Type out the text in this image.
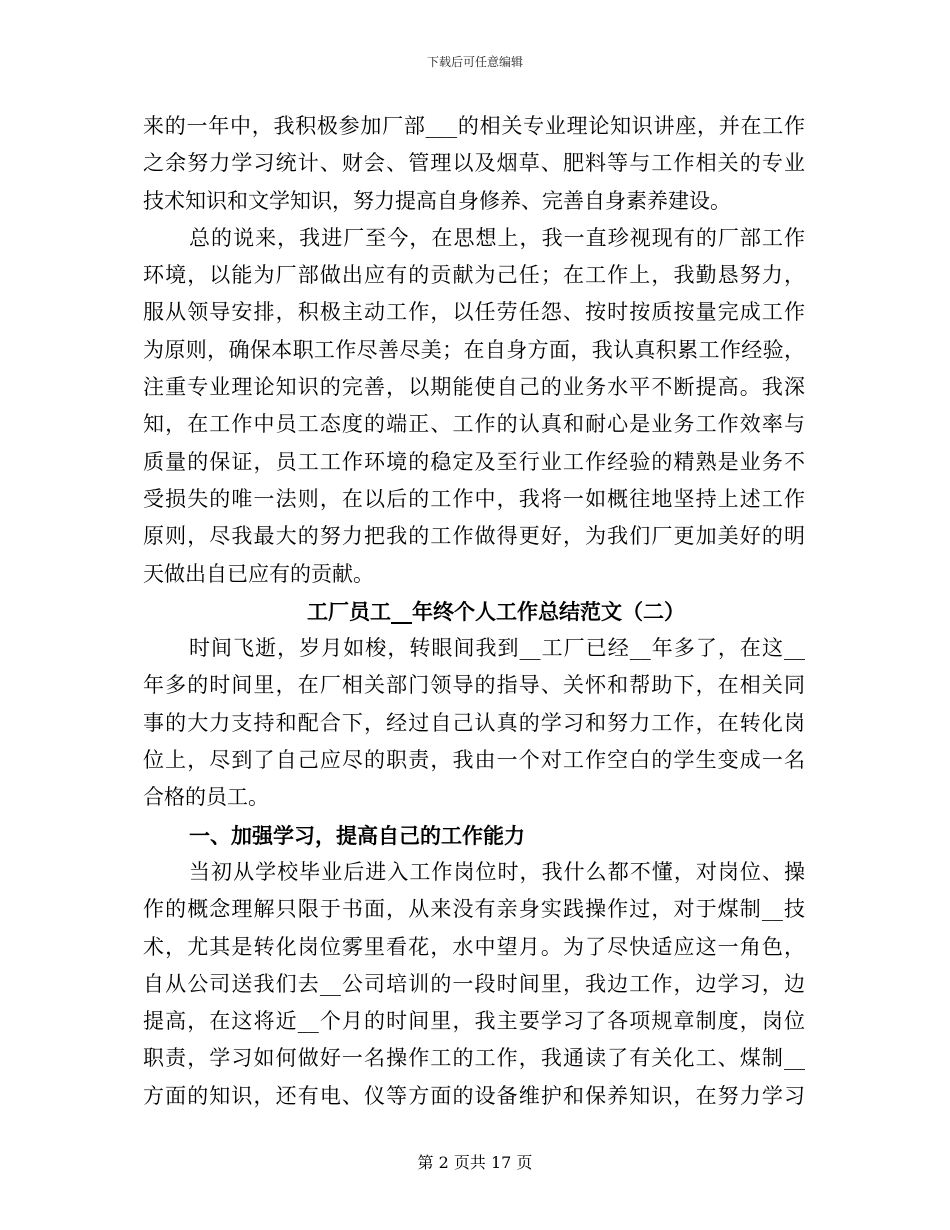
下载后可任意编辑
来的一年中，我积极参加厂部___的相关专业理论知识讲座，并在工作
之余努力学习统计、财会、管理以及烟草、肥料等与工作相关的专业
技术知识和文学知识，努力提高自身修养、完善自身素养建设。
总的说来，我进厂至今，在思想上，我一直珍视现有的厂部工作
环境，以能为厂部做出应有的贡献为己任；在工作上，我勤恳努力，
服从领导安排，积极主动工作，以任劳任怨、按时按质按量完成工作
为原则，确保本职工作尽善尽美；在自身方面，我认真积累工作经验，
注重专业理论知识的完善，以期能使自己的业务水平不断提高。我深
知，在工作中员工态度的端正、工作的认真和耐心是业务工作效率与
质量的保证，员工工作环境的稳定及至行业工作经验的精熟是业务不
受损失的唯一法则，在以后的工作中，我将一如概往地坚持上述工作
原则，尽我最大的努力把我的工作做得更好，为我们厂更加美好的明
天做出自已应有的贡献。
工厂员工__年终个人工作总结范文（二）
时间飞逝，岁月如梭，转眼间我到__工厂已经__年多了，在这__
年多的时间里，在厂相关部门领导的指导、关怀和帮助下，在相关同
事的大力支持和配合下，经过自己认真的学习和努力工作，在转化岗
位上，尽到了自己应尽的职责，我由一个对工作空白的学生变成一名
合格的员工。
一、加强学习，提高自己的工作能力
当初从学校毕业后进入工作岗位时，我什么都不懂，对岗位、操
作的概念理解只限于书面，从来没有亲身实践操作过，对于煤制__技
术，尤其是转化岗位雾里看花，水中望月。为了尽快适应这一角色，
自从公司送我们去__公司培训的一段时间里，我边工作，边学习，边
提高，在这将近__个月的时间里，我主要学习了各项规章制度，岗位
职责，学习如何做好一名操作工的工作，我通读了有关化工、煤制__
方面的知识，还有电、仪等方面的设备维护和保养知识，在努力学习
第 2 页共 17 页
